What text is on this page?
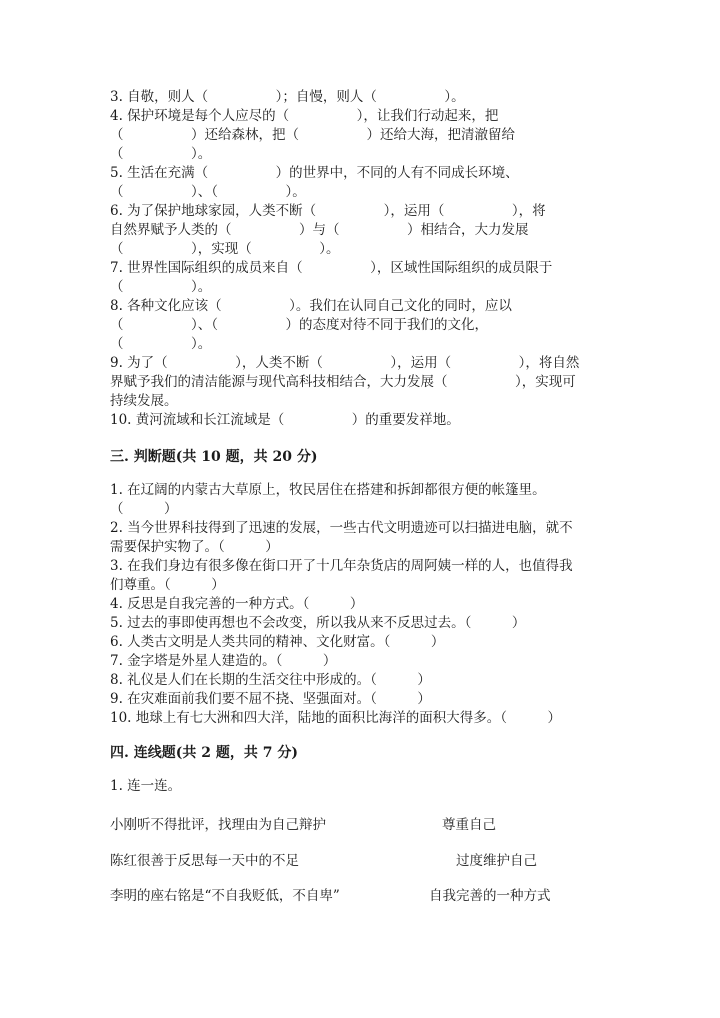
3. 自敬，则人（　　　　　）；自慢，则人（　　　　　）。
4. 保护环境是每个人应尽的（　　　　　），让我们行动起来，把
（　　　　　）还给森林，把（　　　　　）还给大海，把清澈留给
（　　　　　）。
5. 生活在充满（　　　　　）的世界中，不同的人有不同成长环境、
（　　　　　）、（　　　　　）。
6. 为了保护地球家园，人类不断（　　　　　），运用（　　　　　），将
自然界赋予人类的（　　　　　）与（　　　　　）相结合，大力发展
（　　　　　），实现（　　　　　）。
7. 世界性国际组织的成员来自（　　　　　），区域性国际组织的成员限于
（　　　　　）。
8. 各种文化应该（　　　　　）。我们在认同自己文化的同时，应以
（　　　　　）、（　　　　　）的态度对待不同于我们的文化，
（　　　　　）。
9. 为了（　　　　　），人类不断（　　　　　），运用（　　　　　），将自然
界赋予我们的清洁能源与现代高科技相结合，大力发展（　　　　　），实现可
持续发展。
10. 黄河流域和长江流域是（　　　　　）的重要发祥地。
三. 判断题(共 10 题，共 20 分)
1. 在辽阔的内蒙古大草原上，牧民居住在搭建和拆卸都很方便的帐篷里。
（　　　）
2. 当今世界科技得到了迅速的发展，一些古代文明遗迹可以扫描进电脑，就不
需要保护实物了。（　　　）
3. 在我们身边有很多像在街口开了十几年杂货店的周阿姨一样的人，也值得我
们尊重。（　　　）
4. 反思是自我完善的一种方式。（　　　）
5. 过去的事即使再想也不会改变，所以我从来不反思过去。（　　　）
6. 人类古文明是人类共同的精神、文化财富。（　　　）
7. 金字塔是外星人建造的。（　　　）
8. 礼仪是人们在长期的生活交往中形成的。（　　　）
9. 在灾难面前我们要不屈不挠、坚强面对。（　　　）
10. 地球上有七大洲和四大洋，陆地的面积比海洋的面积大得多。（　　　）
四. 连线题(共 2 题，共 7 分)
1. 连一连。
小刚听不得批评，找理由为自己辩护	尊重自己
陈红很善于反思每一天中的不足	过度维护自己
李明的座右铭是“不自我贬低，不自卑”	自我完善的一种方式
